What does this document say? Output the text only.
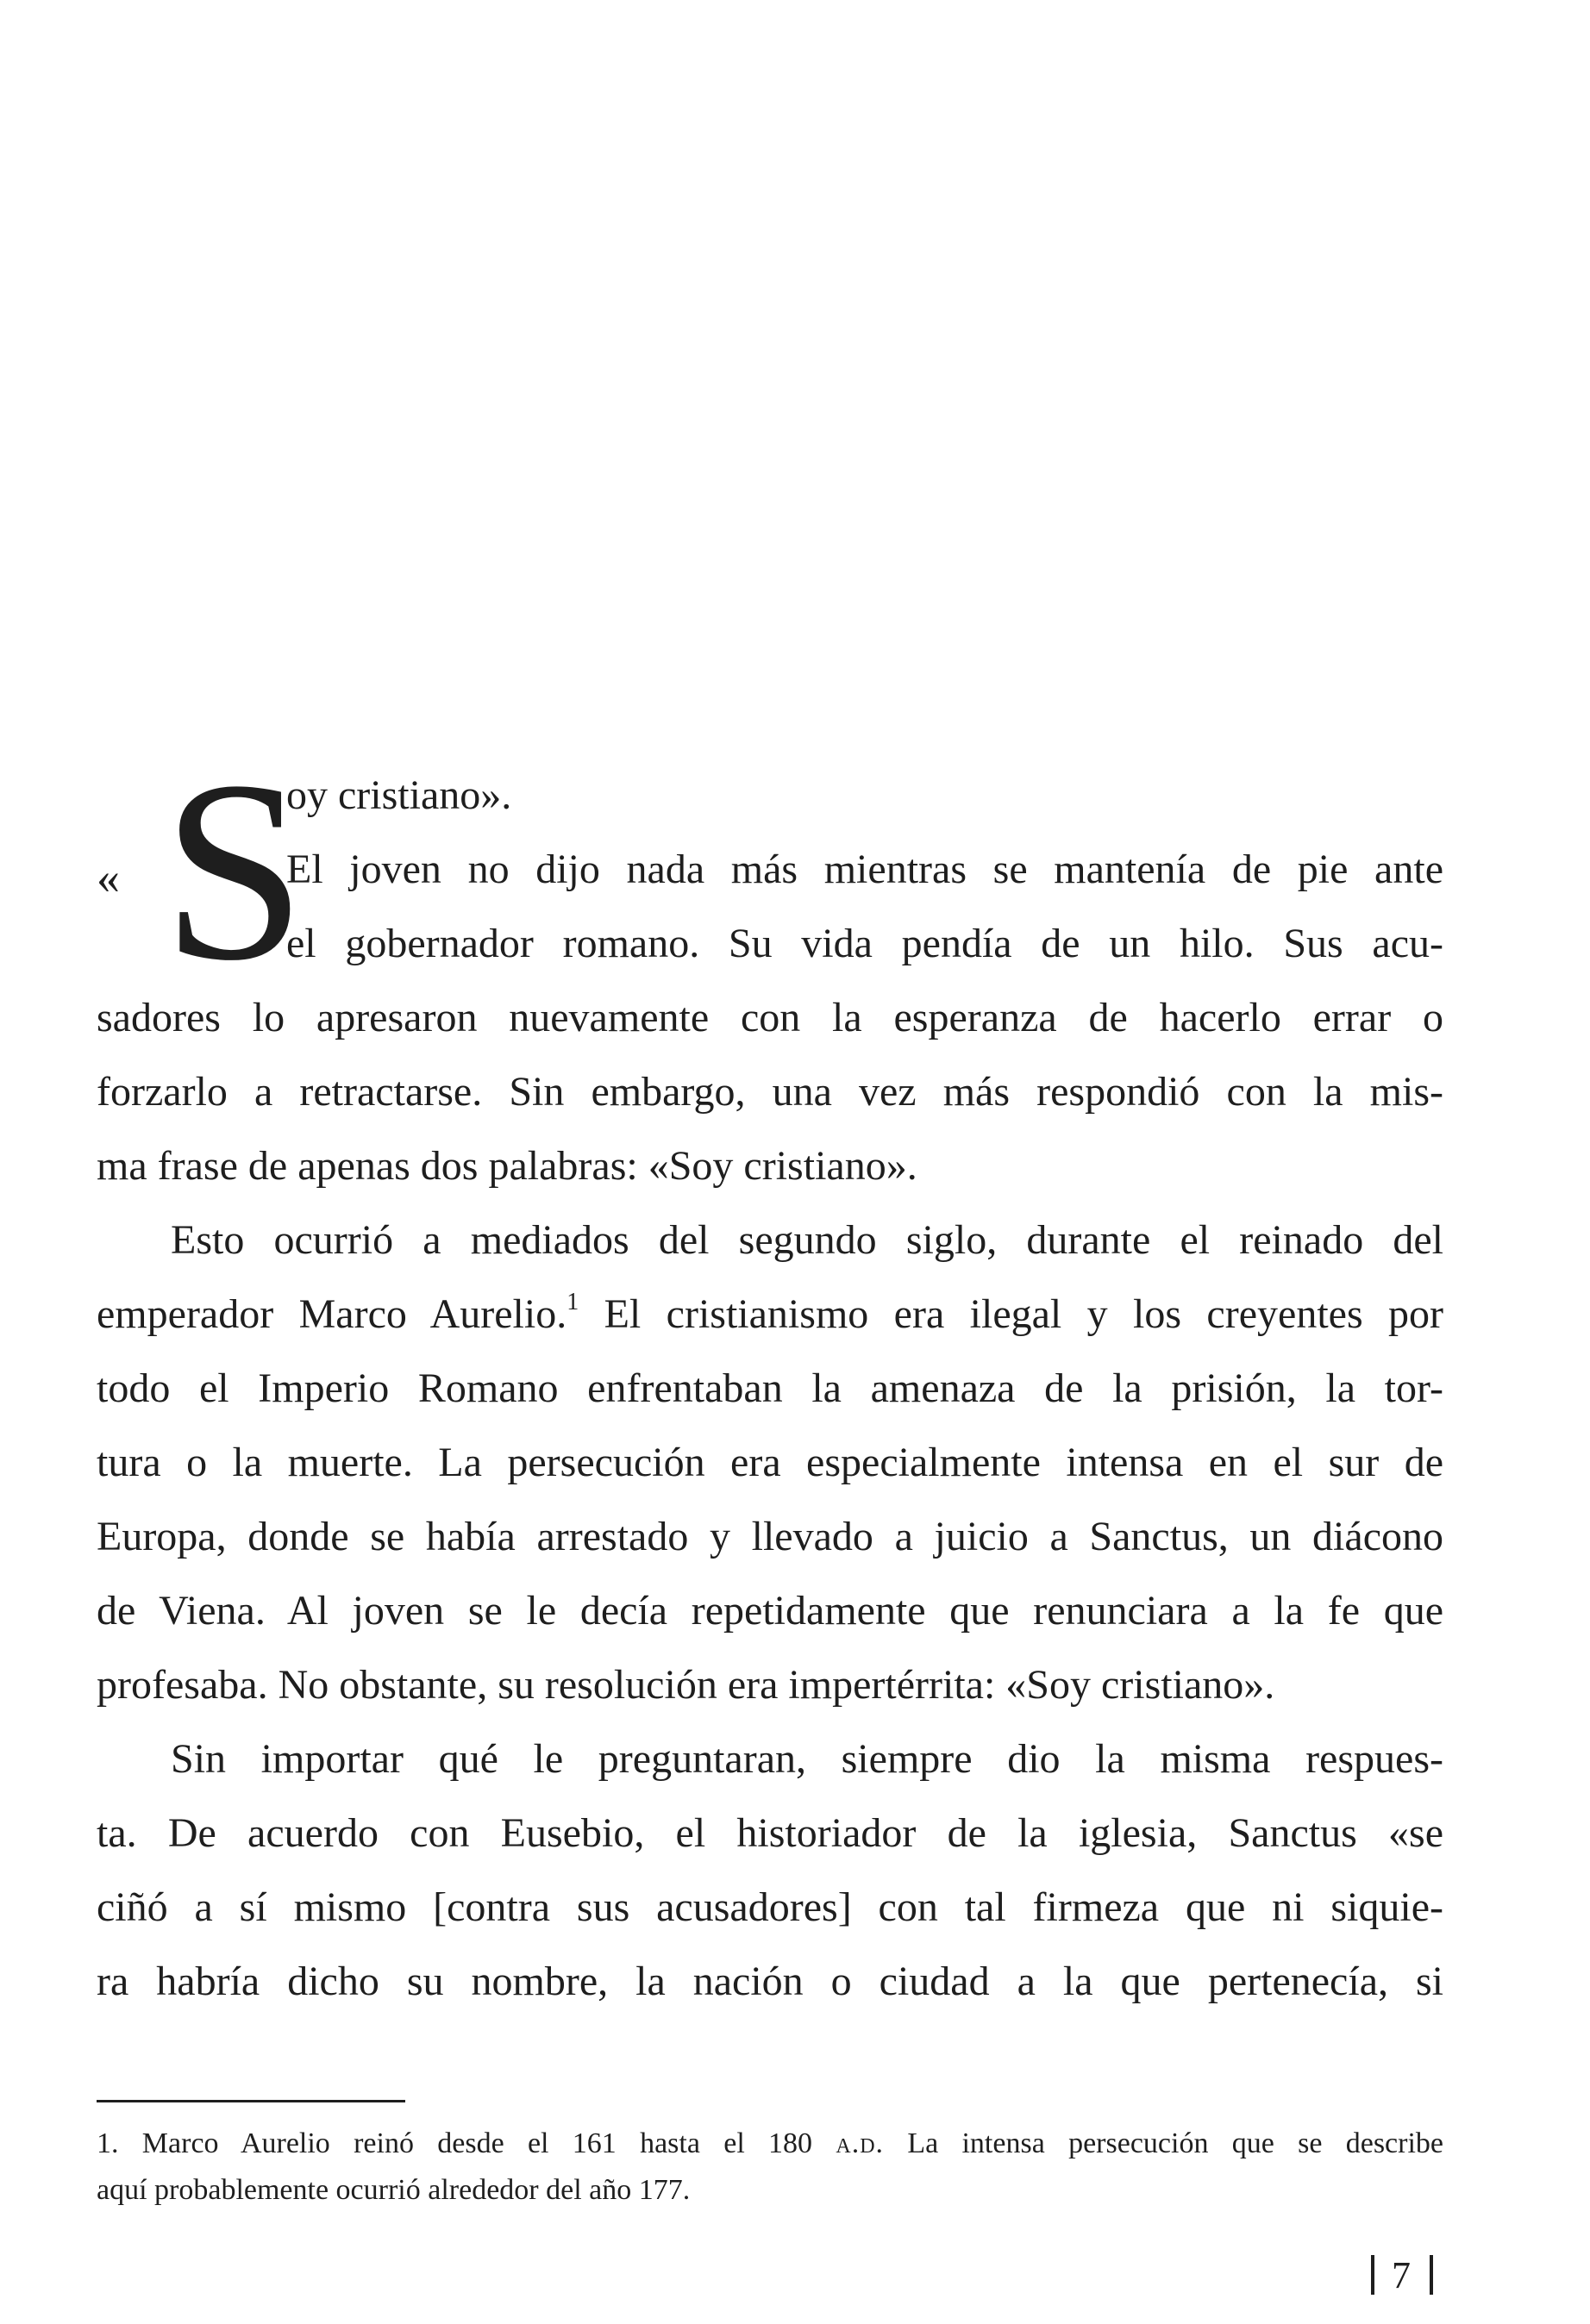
« S
oy cristiano».
El joven no dijo nada más mientras se mantenía de pie ante
el gobernador romano. Su vida pendía de un hilo. Sus acu-
sadores lo apresaron nuevamente con la esperanza de hacerlo errar o
forzarlo a retractarse. Sin embargo, una vez más respondió con la mis-
ma frase de apenas dos palabras: «Soy cristiano».
Esto ocurrió a mediados del segundo siglo, durante el reinado del
emperador Marco Aurelio.$^1$ El cristianismo era ilegal y los creyentes por
todo el Imperio Romano enfrentaban la amenaza de la prisión, la tor-
tura o la muerte. La persecución era especialmente intensa en el sur de
Europa, donde se había arrestado y llevado a juicio a Sanctus, un diácono
de Viena. Al joven se le decía repetidamente que renunciara a la fe que
profesaba. No obstante, su resolución era impertérrita: «Soy cristiano».
Sin importar qué le preguntaran, siempre dio la misma respues-
ta. De acuerdo con Eusebio, el historiador de la iglesia, Sanctus «se
ciñó a sí mismo [contra sus acusadores] con tal firmeza que ni siquie-
ra habría dicho su nombre, la nación o ciudad a la que pertenecía, si
1. Marco Aurelio reinó desde el 161 hasta el 180 a.d. La intensa persecución que se describe
aquí probablemente ocurrió alrededor del año 177.
7
